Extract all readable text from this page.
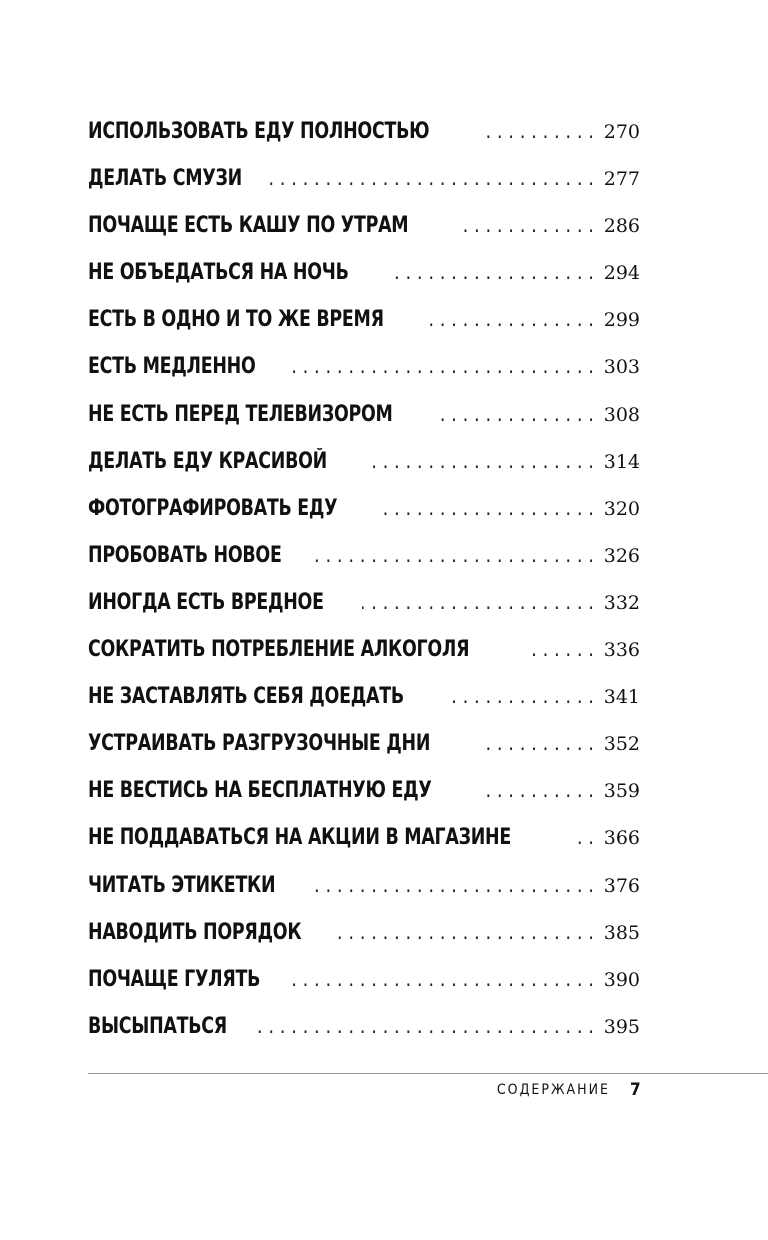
ИСПОЛЬЗОВАТЬ ЕДУ ПОЛНОСТЬЮ . . .	270
ДЕЛАТЬ СМУЗИ . . .	277
ПОЧАЩЕ ЕСТЬ КАШУ ПО УТРАМ . . .	286
НЕ ОБЪЕДАТЬСЯ НА НОЧЬ . . .	294
ЕСТЬ В ОДНО И ТО ЖЕ ВРЕМЯ . . .	299
ЕСТЬ МЕДЛЕННО . . .	303
НЕ ЕСТЬ ПЕРЕД ТЕЛЕВИЗОРОМ . . .	308
ДЕЛАТЬ ЕДУ КРАСИВОЙ . . .	314
ФОТОГРАФИРОВАТЬ ЕДУ . . .	320
ПРОБОВАТЬ НОВОЕ . . .	326
ИНОГДА ЕСТЬ ВРЕДНОЕ . . .	332
СОКРАТИТЬ ПОТРЕБЛЕНИЕ АЛКОГОЛЯ . . .	336
НЕ ЗАСТАВЛЯТЬ СЕБЯ ДОЕДАТЬ . . .	341
УСТРАИВАТЬ РАЗГРУЗОЧНЫЕ ДНИ . . .	352
НЕ ВЕСТИСЬ НА БЕСПЛАТНУЮ ЕДУ . . .	359
НЕ ПОДДАВАТЬСЯ НА АКЦИИ В МАГАЗИНЕ . . .	366
ЧИТАТЬ ЭТИКЕТКИ . . .	376
НАВОДИТЬ ПОРЯДОК . . .	385
ПОЧАЩЕ ГУЛЯТЬ . . .	390
ВЫСЫПАТЬСЯ . . .	395
СОДЕРЖАНИЕ 7
